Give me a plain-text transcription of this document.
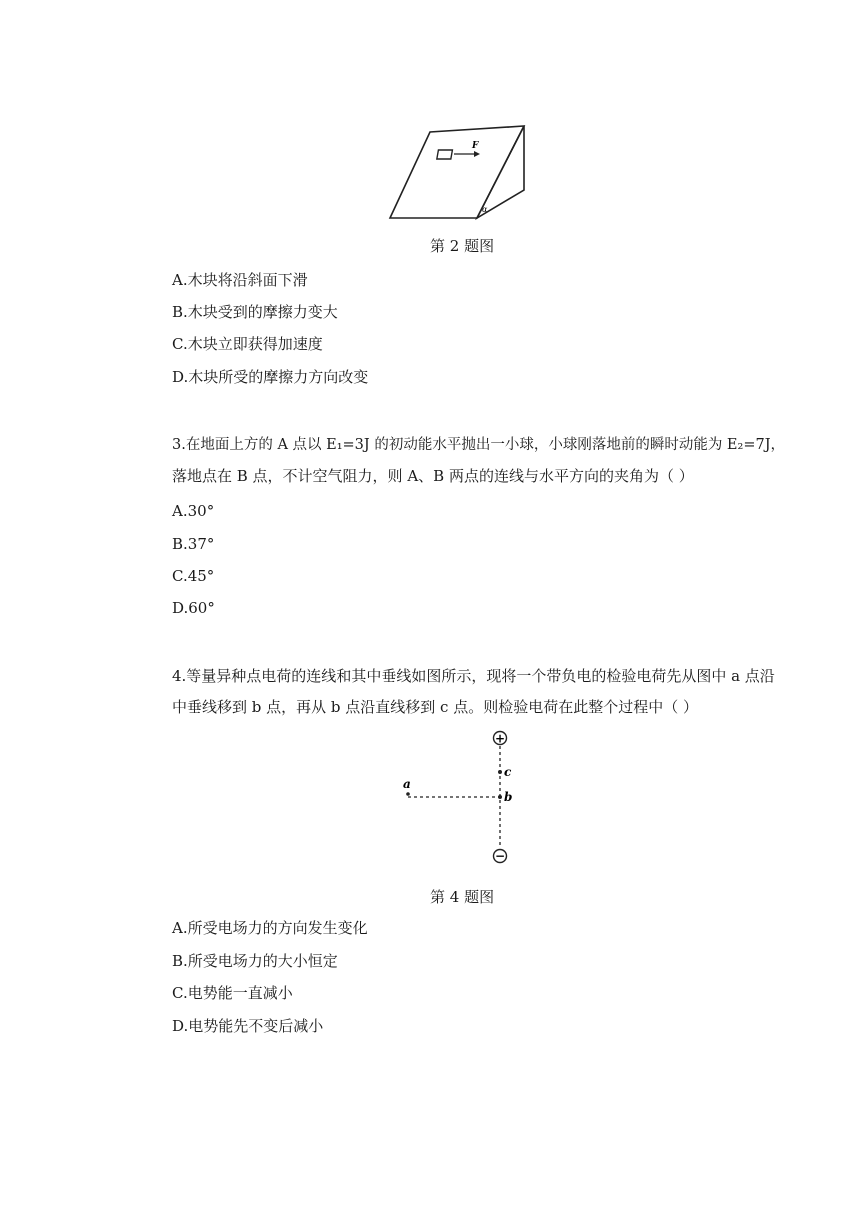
F
α
第 2 题图
A.木块将沿斜面下滑
B.木块受到的摩擦力变大
C.木块立即获得加速度
D.木块所受的摩擦力方向改变
3.在地面上方的 A 点以 E₁=3J 的初动能水平抛出一小球，小球刚落地前的瞬时动能为 E₂=7J，
落地点在 B 点，不计空气阻力，则 A、B 两点的连线与水平方向的夹角为（ ）
A.30°
B.37°
C.45°
D.60°
4.等量异种点电荷的连线和其中垂线如图所示，现将一个带负电的检验电荷先从图中 a 点沿
中垂线移到 b 点，再从 b 点沿直线移到 c 点。则检验电荷在此整个过程中（ ）
+
−
a
b
c
第 4 题图
A.所受电场力的方向发生变化
B.所受电场力的大小恒定
C.电势能一直减小
D.电势能先不变后减小
